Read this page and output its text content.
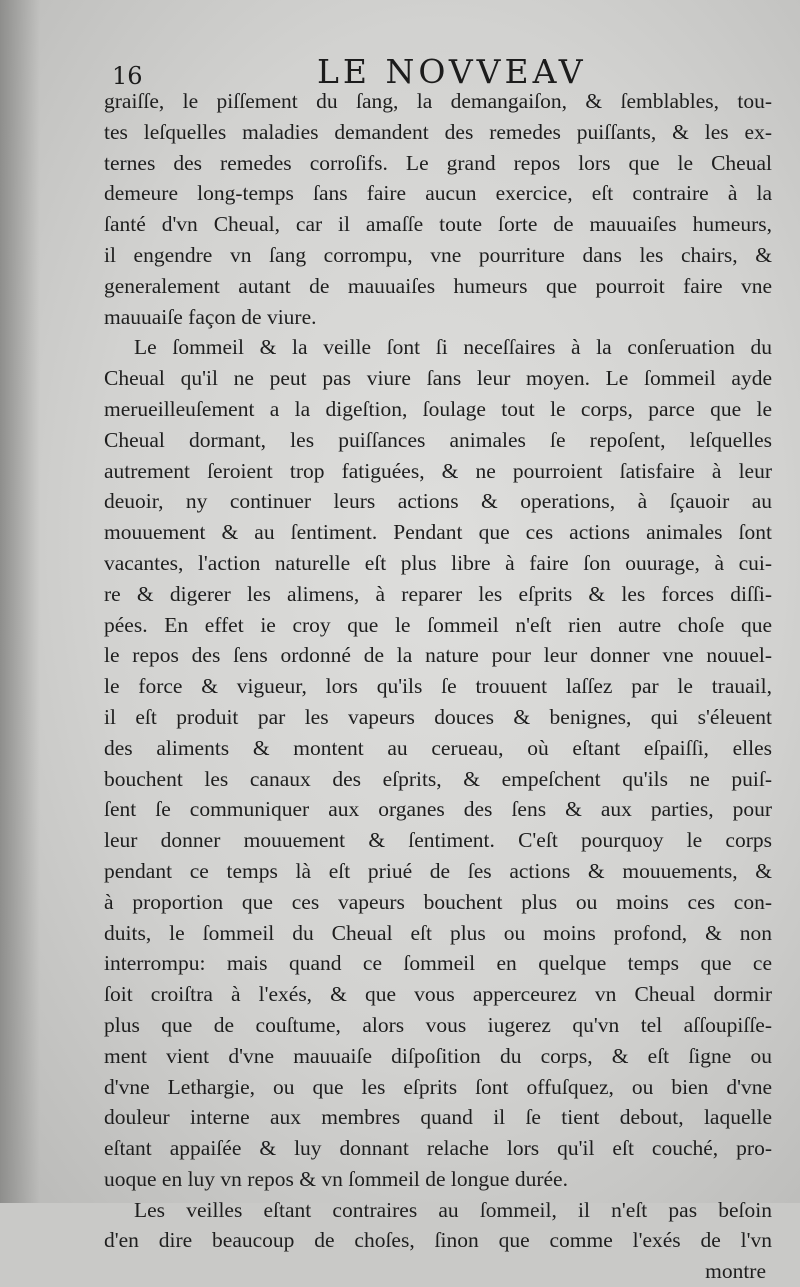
16	LE NOVVEAV
graiſſe, le piſſement du ſang, la demangaiſon, & ſemblables, tou-
tes leſquelles maladies demandent des remedes puiſſants, & les ex-
ternes des remedes corroſifs. Le grand repos lors que le Cheual
demeure long-temps ſans faire aucun exercice, eſt contraire à la
ſanté d'vn Cheual, car il amaſſe toute ſorte de mauuaiſes humeurs,
il engendre vn ſang corrompu, vne pourriture dans les chairs, &
generalement autant de mauuaiſes humeurs que pourroit faire vne
mauuaiſe façon de viure.
Le ſommeil & la veille ſont ſi neceſſaires à la conſeruation du
Cheual qu'il ne peut pas viure ſans leur moyen. Le ſommeil ayde
merueilleuſement a la digeſtion, ſoulage tout le corps, parce que le
Cheual dormant, les puiſſances animales ſe repoſent, leſquelles
autrement ſeroient trop fatiguées, & ne pourroient ſatisfaire à leur
deuoir, ny continuer leurs actions & operations, à ſçauoir au
mouuement & au ſentiment. Pendant que ces actions animales ſont
vacantes, l'action naturelle eſt plus libre à faire ſon ouurage, à cui-
re & digerer les alimens, à reparer les eſprits & les forces diſſi-
pées. En effet ie croy que le ſommeil n'eſt rien autre choſe que
le repos des ſens ordonné de la nature pour leur donner vne nouuel-
le force & vigueur, lors qu'ils ſe trouuent laſſez par le trauail,
il eſt produit par les vapeurs douces & benignes, qui s'éleuent
des aliments & montent au cerueau, où eſtant eſpaiſſi, elles
bouchent les canaux des eſprits, & empeſchent qu'ils ne puiſ-
ſent ſe communiquer aux organes des ſens & aux parties, pour
leur donner mouuement & ſentiment. C'eſt pourquoy le corps
pendant ce temps là eſt priué de ſes actions & mouuements, &
à proportion que ces vapeurs bouchent plus ou moins ces con-
duits, le ſommeil du Cheual eſt plus ou moins profond, & non
interrompu: mais quand ce ſommeil en quelque temps que ce
ſoit croiſtra à l'exés, & que vous apperceurez vn Cheual dormir
plus que de couſtume, alors vous iugerez qu'vn tel aſſoupiſſe-
ment vient d'vne mauuaiſe diſpoſition du corps, & eſt ſigne ou
d'vne Lethargie, ou que les eſprits ſont offuſquez, ou bien d'vne
douleur interne aux membres quand il ſe tient debout, laquelle
eſtant appaiſée & luy donnant relache lors qu'il eſt couché, pro-
uoque en luy vn repos & vn ſommeil de longue durée.
Les veilles eſtant contraires au ſommeil, il n'eſt pas beſoin
d'en dire beaucoup de choſes, ſinon que comme l'exés de l'vn
montre
